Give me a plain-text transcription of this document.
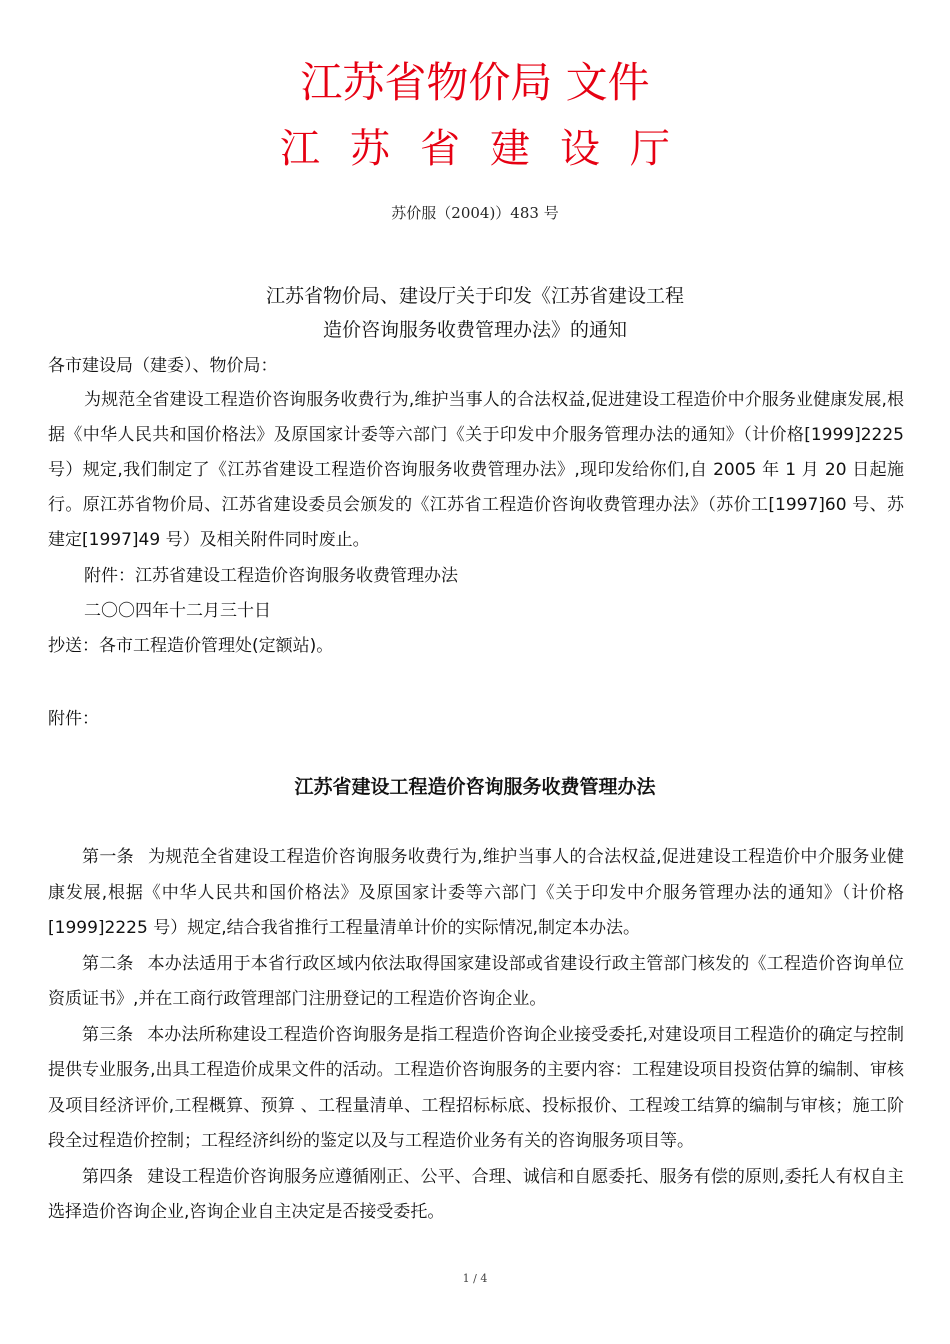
江苏省物价局 文件
江苏省建设厅
苏价服（2004)）483 号
江苏省物价局、建设厅关于印发《江苏省建设工程
造价咨询服务收费管理办法》的通知
各市建设局（建委）、物价局：
为规范全省建设工程造价咨询服务收费行为,维护当事人的合法权益,促进建设工程造价中介服务业健康发展,根据《中华人民共和国价格法》及原国家计委等六部门《关于印发中介服务管理办法的通知》（计价格[1999]2225 号）规定,我们制定了《江苏省建设工程造价咨询服务收费管理办法》,现印发给你们,自 2005 年 1 月 20 日起施行。原江苏省物价局、江苏省建设委员会颁发的《江苏省工程造价咨询收费管理办法》（苏价工[1997]60 号、苏建定[1997]49 号）及相关附件同时废止。
附件：江苏省建设工程造价咨询服务收费管理办法
二〇〇四年十二月三十日
抄送：各市工程造价管理处(定额站)。
附件：
江苏省建设工程造价咨询服务收费管理办法

第一条 为规范全省建设工程造价咨询服务收费行为,维护当事人的合法权益,促进建设工程造价中介服务业健康发展,根据《中华人民共和国价格法》及原国家计委等六部门《关于印发中介服务管理办法的通知》（计价格[1999]2225 号）规定,结合我省推行工程量清单计价的实际情况,制定本办法。

第二条 本办法适用于本省行政区域内依法取得国家建设部或省建设行政主管部门核发的《工程造价咨询单位资质证书》,并在工商行政管理部门注册登记的工程造价咨询企业。

第三条 本办法所称建设工程造价咨询服务是指工程造价咨询企业接受委托,对建设项目工程造价的确定与控制提供专业服务,出具工程造价成果文件的活动。工程造价咨询服务的主要内容：工程建设项目投资估算的编制、审核及项目经济评价,工程概算、预算 、工程量清单、工程招标标底、投标报价、工程竣工结算的编制与审核；施工阶段全过程造价控制；工程经济纠纷的鉴定以及与工程造价业务有关的咨询服务项目等。

第四条 建设工程造价咨询服务应遵循刚正、公平、合理、诚信和自愿委托、服务有偿的原则,委托人有权自主选择造价咨询企业,咨询企业自主决定是否接受委托。

1 / 4
